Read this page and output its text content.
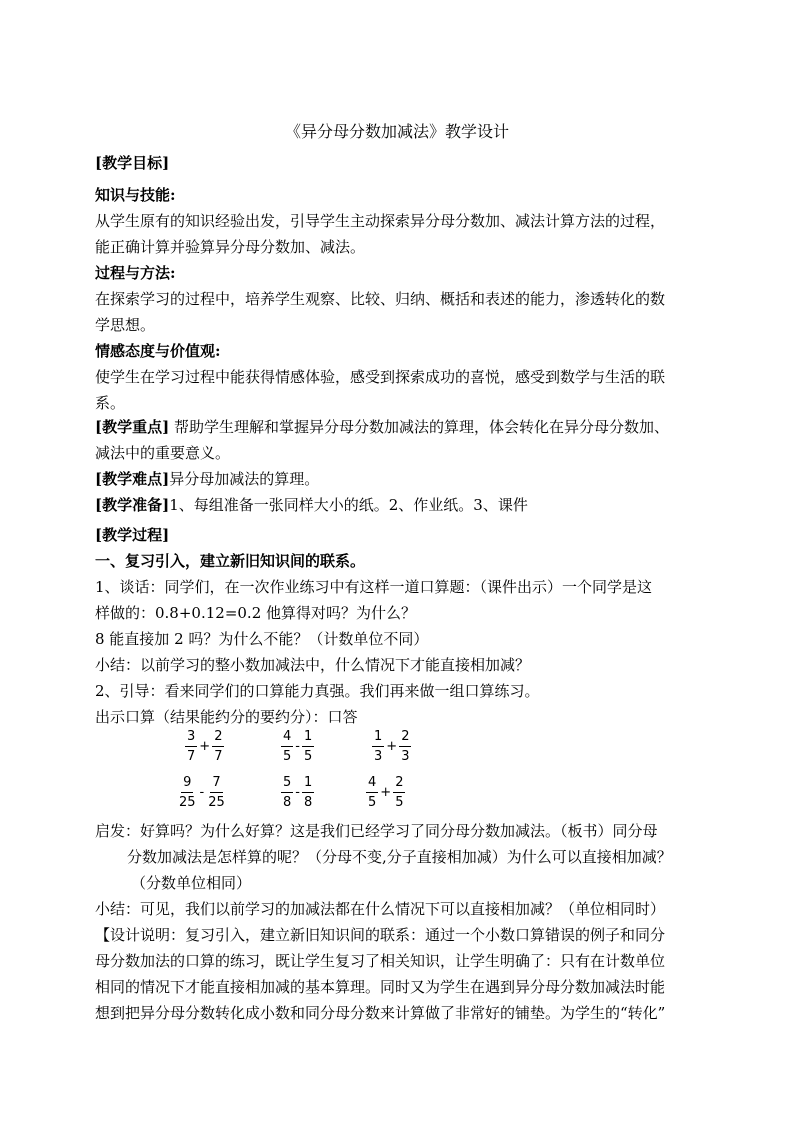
《异分母分数加减法》教学设计
[教学目标]
知识与技能:
从学生原有的知识经验出发，引导学生主动探索异分母分数加、减法计算方法的过程，
能正确计算并验算异分母分数加、减法。
过程与方法:
在探索学习的过程中，培养学生观察、比较、归纳、概括和表述的能力，渗透转化的数
学思想。
情感态度与价值观:
使学生在学习过程中能获得情感体验，感受到探索成功的喜悦，感受到数学与生活的联
系。
[教学重点] 帮助学生理解和掌握异分母分数加减法的算理，体会转化在异分母分数加、
减法中的重要意义。
[教学难点]异分母加减法的算理。
[教学准备]1、每组准备一张同样大小的纸。2、作业纸。3、课件
[教学过程]
一、复习引入，建立新旧知识间的联系。
1、谈话：同学们，在一次作业练习中有这样一道口算题：（课件出示）一个同学是这
样做的：0.8+0.12=0.2 他算得对吗？为什么？
8 能直接加 2 吗？为什么不能？（计数单位不同）
小结：以前学习的整小数加减法中，什么情况下才能直接相加减？
2、引导：看来同学们的口算能力真强。我们再来做一组口算练习。
出示口算（结果能约分的要约分）：口答
$\frac{3}{7} + \frac{2}{7}$	$\frac{4}{5} - \frac{1}{5}$	$\frac{1}{3} + \frac{2}{3}$
$\frac{9}{25} - \frac{7}{25}$	$\frac{5}{8} - \frac{1}{8}$	$\frac{4}{5} + \frac{2}{5}$
启发：好算吗？为什么好算？这是我们已经学习了同分母分数加减法。（板书）同分母
分数加减法是怎样算的呢？（分母不变,分子直接相加减）为什么可以直接相加减？
（分数单位相同）
小结：可见，我们以前学习的加减法都在什么情况下可以直接相加减？（单位相同时）
【设计说明：复习引入，建立新旧知识间的联系：通过一个小数口算错误的例子和同分
母分数加法的口算的练习，既让学生复习了相关知识，让学生明确了：只有在计数单位
相同的情况下才能直接相加减的基本算理。同时又为学生在遇到异分母分数加减法时能
想到把异分母分数转化成小数和同分母分数来计算做了非常好的铺垫。为学生的“转化”
